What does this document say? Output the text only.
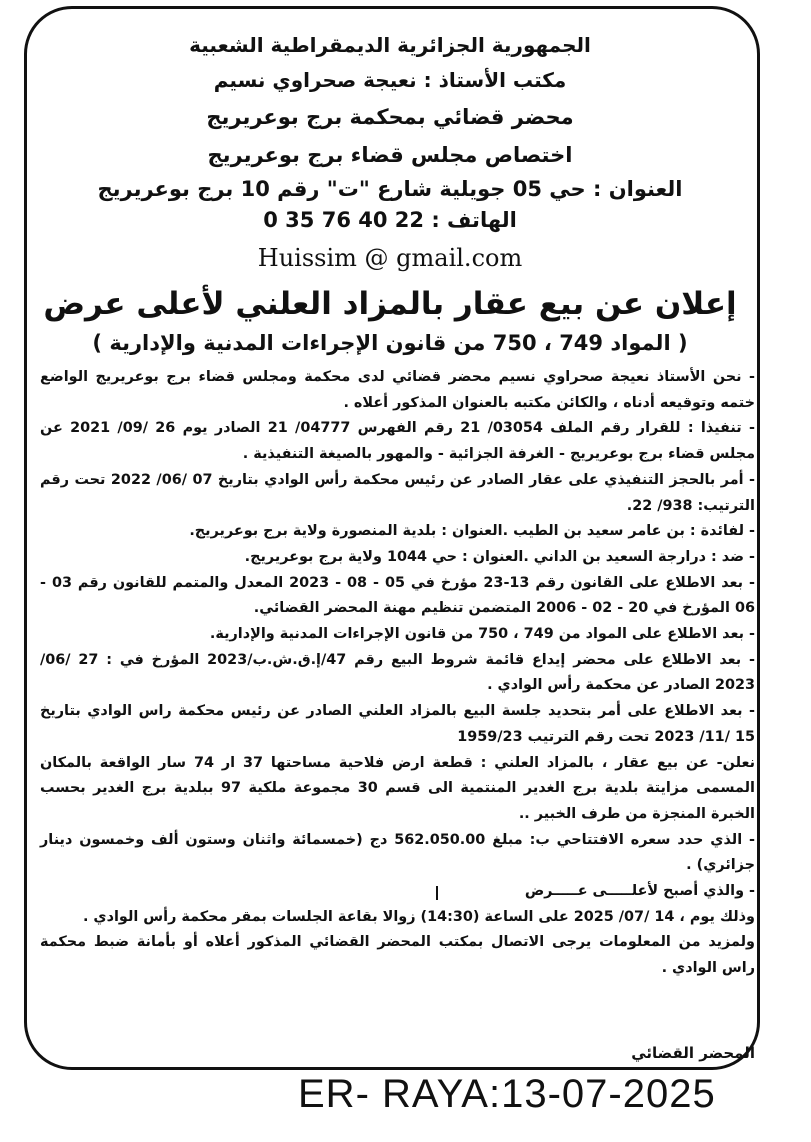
الجمهورية الجزائرية الديمقراطية الشعبية
مكتب الأستاذ : نعيجة صحراوي نسيم
محضر قضائي بمحكمة برج بوعريريج
اختصاص مجلس قضاء برج بوعريريج
العنوان : حي 05 جويلية شارع "ت" رقم 10 برج بوعريريج
الهاتف : 22 40 76 35 0
Huissim @ gmail.com
إعلان عن بيع عقار بالمزاد العلني لأعلى عرض
( المواد 749 ، 750 من قانون الإجراءات المدنية والإدارية )

- نحن الأستاذ نعيجة صحراوي نسيم محضر قضائي لدى محكمة ومجلس قضاء برج بوعريريج الواضع ختمه وتوقيعه أدناه ، والكائن مكتبه بالعنوان المذكور أعلاه .

- تنفيذا : للقرار رقم الملف 03054/ 21 رقم الفهرس 04777/ 21 الصادر يوم 26 /09/ 2021 عن مجلس قضاء برج بوعريريج - الغرفة الجزائية - والمهور بالصيغة التنفيذية .

- أمر بالحجز التنفيذي على عقار الصادر عن رئيس محكمة رأس الوادي بتاريخ 07 /06/ 2022 تحت رقم الترتيب: 938/ 22.

- لفائدة : بن عامر سعيد بن الطيب .العنوان : بلدية المنصورة ولاية برج بوعريريج.

- ضد : درارجة السعيد بن الداني .العنوان : حي 1044 ولاية برج بوعريريج.

- بعد الاطلاع على القانون رقم 13-23 مؤرخ في 05 - 08 - 2023 المعدل والمتمم للقانون رقم 03 - 06 المؤرخ في 20 - 02 - 2006 المتضمن تنظيم مهنة المحضر القضائي.

- بعد الاطلاع على المواد من 749 ، 750 من قانون الإجراءات المدنية والإدارية.

- بعد الاطلاع على محضر إيداع قائمة شروط البيع رقم 47/إ.ق.ش.ب/2023 المؤرخ في : 27 /06/ 2023 الصادر عن محكمة رأس الوادي .

- بعد الاطلاع على أمر بتحديد جلسة البيع بالمزاد العلني الصادر عن رئيس محكمة راس الوادي بتاريخ 15 /11/ 2023 تحت رقم الترتيب 1959/23

نعلن- عن بيع عقار ، بالمزاد العلني : قطعة ارض فلاحية مساحتها 37 ار 74 سار الواقعة بالمكان المسمى مزايتة بلدية برج الغدير المنتمية الى قسم 30 مجموعة ملكية 97 ببلدية برج الغدير بحسب الخبرة المنجزة من طرف الخبير ..

- الذي حدد سعره الافتتاحي ب: مبلغ 562.050.00 دج (خمسمائة واثنان وستون ألف وخمسون دينار جزائري) .

- والذي أصبح لأعلـــــى عـــــرض

وذلك يوم ، 14 /07/ 2025 على الساعة (14:30) زوالا بقاعة الجلسات بمقر محكمة رأس الوادي .

ولمزيد من المعلومات يرجى الاتصال بمكتب المحضر القضائي المذكور أعلاه أو بأمانة ضبط محكمة راس الوادي .

المحضر القضائي
ER- RAYA:13-07-2025
